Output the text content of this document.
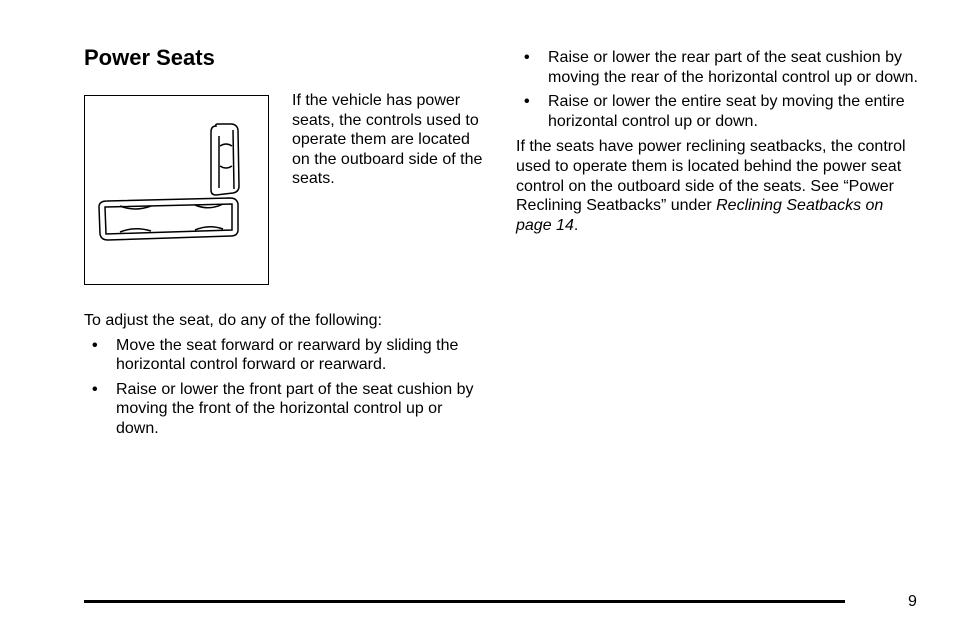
Power Seats

If the vehicle has power seats, the controls used to operate them are located on the outboard side of the seats.

To adjust the seat, do any of the following:

• Move the seat forward or rearward by sliding the horizontal control forward or rearward.
• Raise or lower the front part of the seat cushion by moving the front of the horizontal control up or down.
• Raise or lower the rear part of the seat cushion by moving the rear of the horizontal control up or down.
• Raise or lower the entire seat by moving the entire horizontal control up or down.

If the seats have power reclining seatbacks, the control used to operate them is located behind the power seat control on the outboard side of the seats. See “Power Reclining Seatbacks” under Reclining Seatbacks on page 14.

9
